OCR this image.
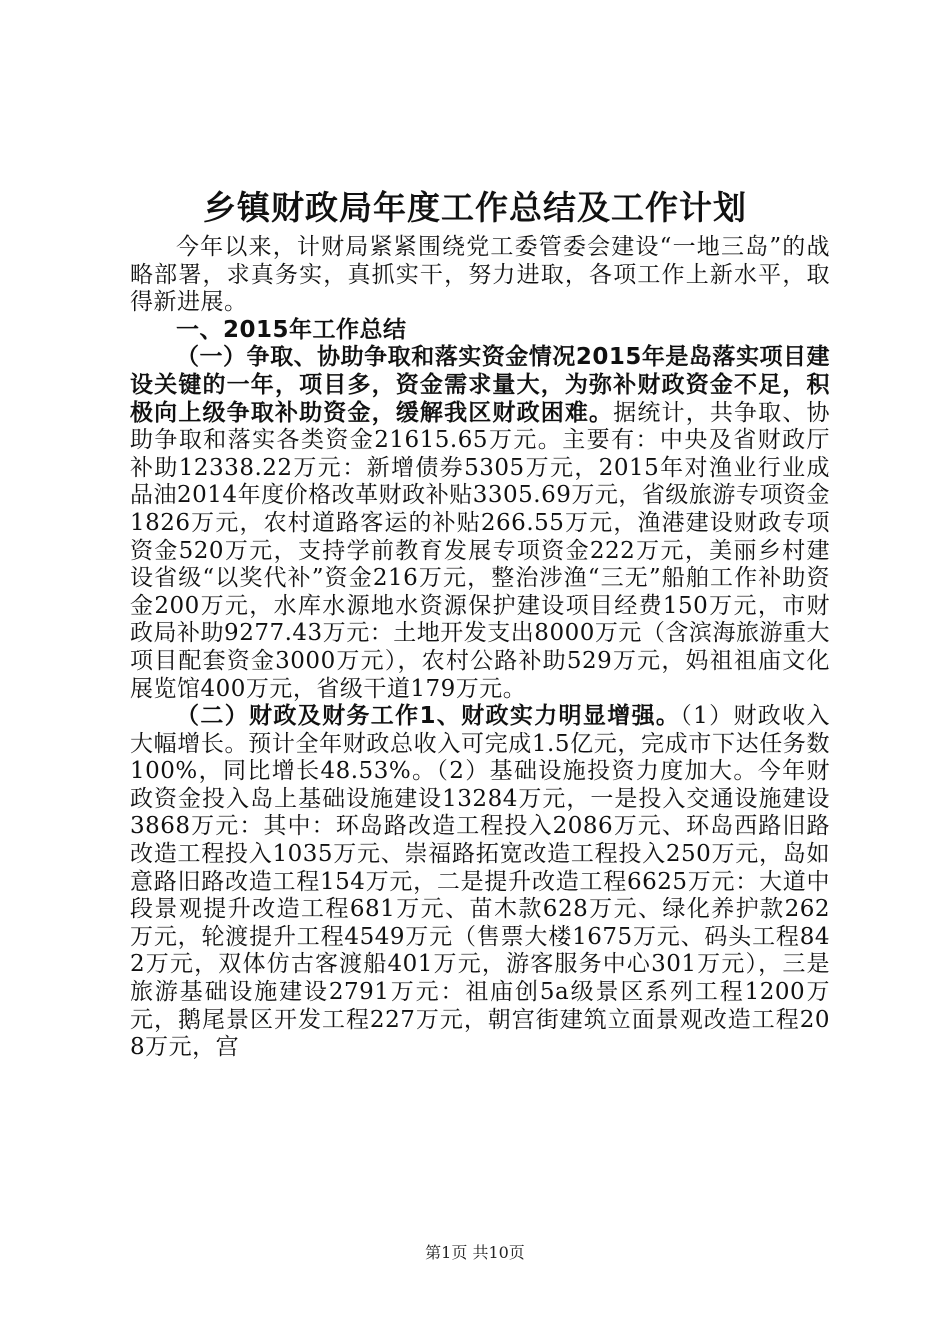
乡镇财政局年度工作总结及工作计划

今年以来，计财局紧紧围绕党工委管委会建设“一地三岛”的战略部署，求真务实，真抓实干，努力进取，各项工作上新水平，取得新进展。

一、2015年工作总结

（一）争取、协助争取和落实资金情况2015年是岛落实项目建设关键的一年，项目多，资金需求量大，为弥补财政资金不足，积极向上级争取补助资金，缓解我区财政困难。据统计，共争取、协助争取和落实各类资金21615.65万元。主要有：中央及省财政厅补助12338.22万元：新增债券5305万元，2015年对渔业行业成品油2014年度价格改革财政补贴3305.69万元，省级旅游专项资金1826万元，农村道路客运的补贴266.55万元，渔港建设财政专项资金520万元，支持学前教育发展专项资金222万元，美丽乡村建设省级“以奖代补”资金216万元，整治涉渔“三无”船舶工作补助资金200万元，水库水源地水资源保护建设项目经费150万元，市财政局补助9277.43万元：土地开发支出8000万元（含滨海旅游重大项目配套资金3000万元），农村公路补助529万元，妈祖祖庙文化展览馆400万元，省级干道179万元。

（二）财政及财务工作1、财政实力明显增强。（1）财政收入大幅增长。预计全年财政总收入可完成1.5亿元，完成市下达任务数100%，同比增长48.53%。（2）基础设施投资力度加大。今年财政资金投入岛上基础设施建设13284万元，一是投入交通设施建设3868万元：其中：环岛路改造工程投入2086万元、环岛西路旧路改造工程投入1035万元、崇福路拓宽改造工程投入250万元，岛如意路旧路改造工程154万元，二是提升改造工程6625万元：大道中段景观提升改造工程681万元、苗木款628万元、绿化养护款262万元，轮渡提升工程4549万元（售票大楼1675万元、码头工程842万元，双体仿古客渡船401万元，游客服务中心301万元），三是旅游基础设施建设2791万元：祖庙创5a级景区系列工程1200万元，鹅尾景区开发工程227万元，朝宫街建筑立面景观改造工程208万元，宫

第1页 共10页
